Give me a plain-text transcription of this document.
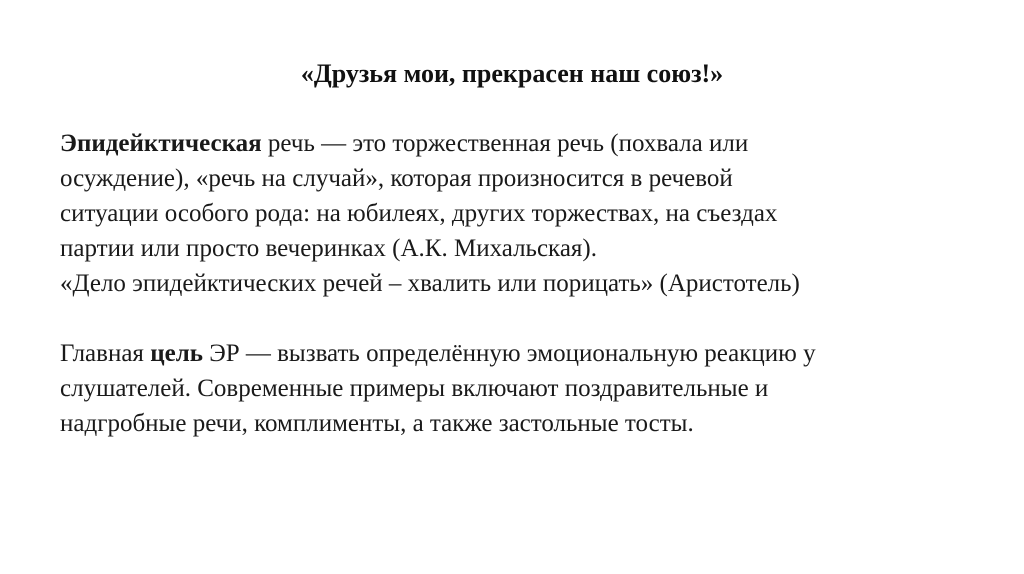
«Друзья мои, прекрасен наш союз!»
Эпидейктическая речь — это торжественная речь (похвала или
осуждение), «речь на случай», которая произносится в речевой
ситуации особого рода: на юбилеях, других торжествах, на съездах
партии или просто вечеринках (А.К. Михальская).
«Дело эпидейктических речей – хвалить или порицать» (Аристотель)
Главная цель ЭР — вызвать определённую эмоциональную реакцию у
слушателей. Современные примеры включают поздравительные и
надгробные речи, комплименты, а также застольные тосты.
